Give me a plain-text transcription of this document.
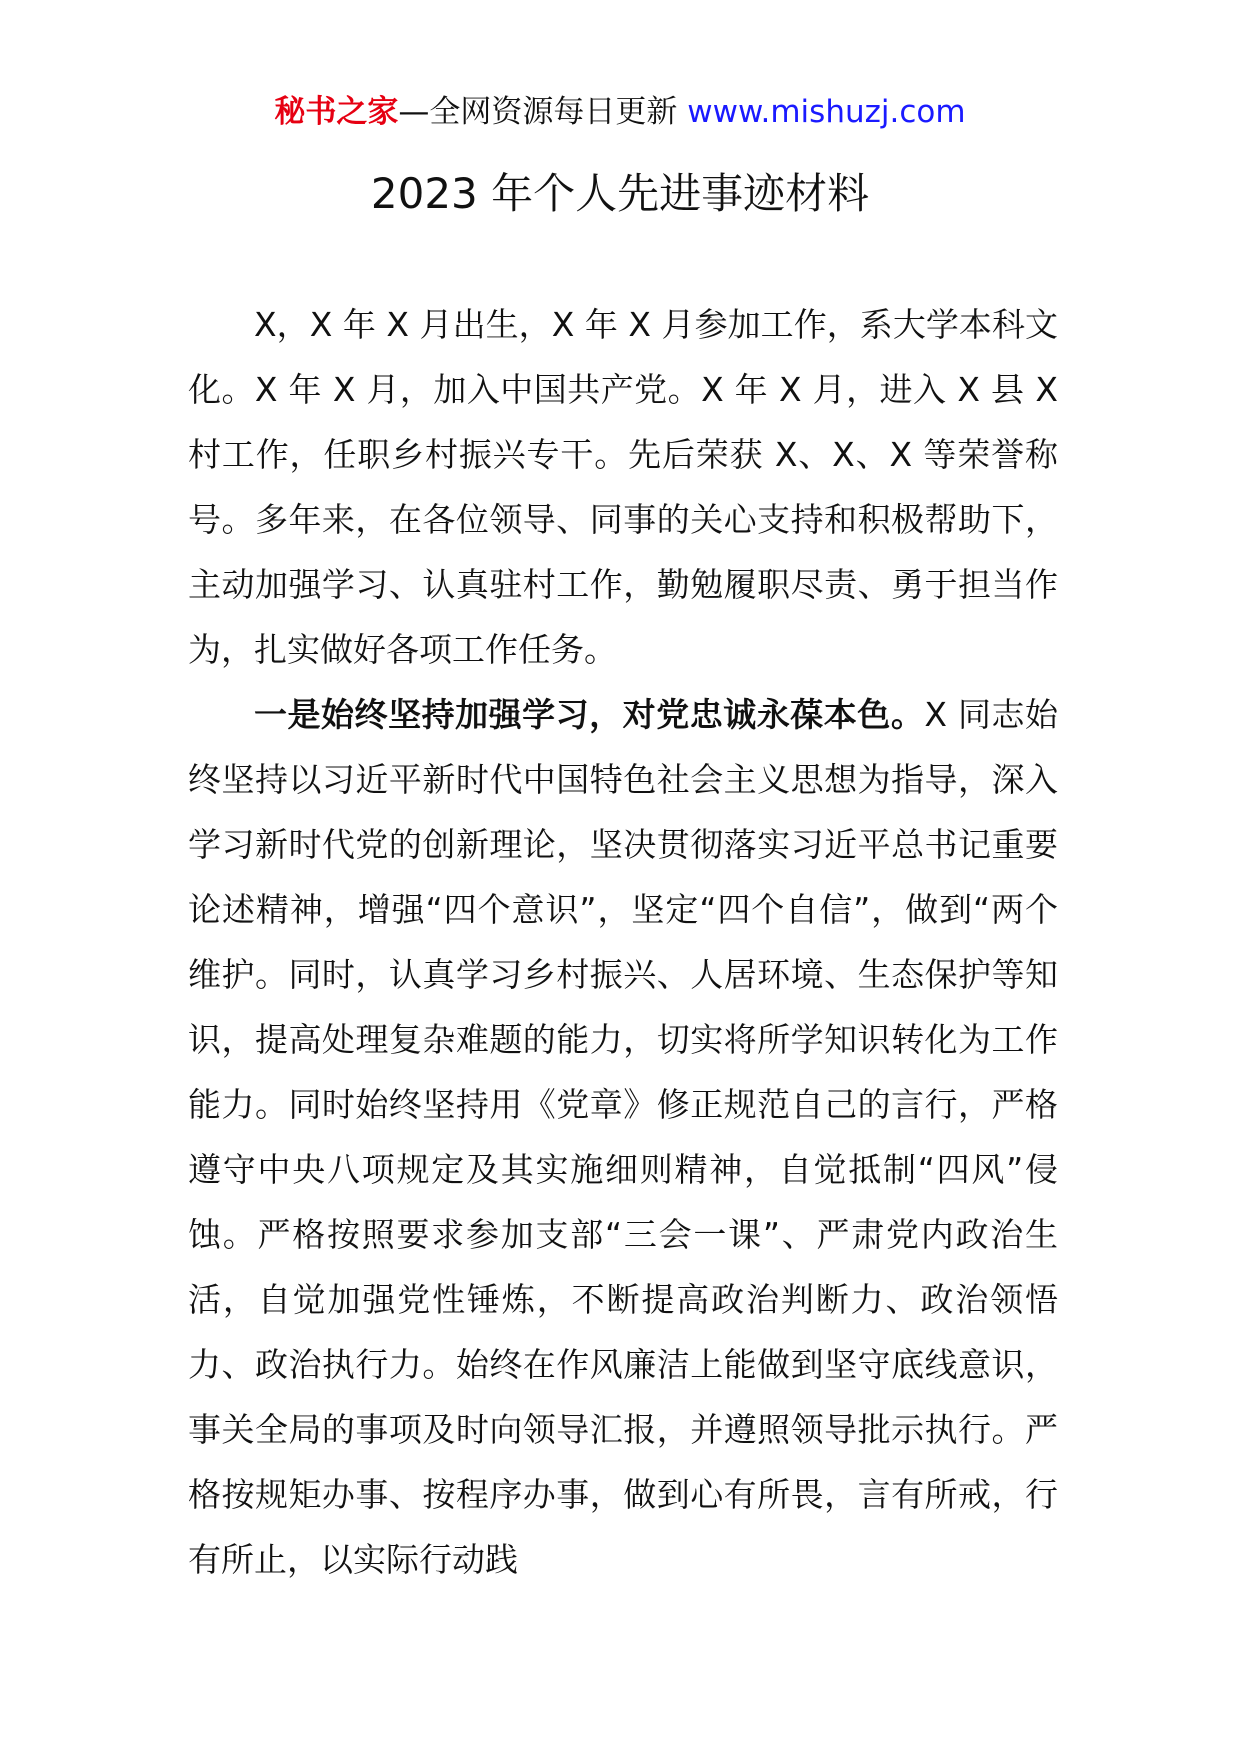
秘书之家—全网资源每日更新 www.mishuzj.com
2023 年个人先进事迹材料

X，X 年 X 月出生，X 年 X 月参加工作，系大学本科文化。X 年 X 月，加入中国共产党。X 年 X 月，进入 X 县 X 村工作，任职乡村振兴专干。先后荣获 X、X、X 等荣誉称号。多年来，在各位领导、同事的关心支持和积极帮助下，主动加强学习、认真驻村工作，勤勉履职尽责、勇于担当作为，扎实做好各项工作任务。

一是始终坚持加强学习，对党忠诚永葆本色。X 同志始终坚持以习近平新时代中国特色社会主义思想为指导，深入学习新时代党的创新理论，坚决贯彻落实习近平总书记重要论述精神，增强“四个意识”，坚定“四个自信”，做到“两个维护。同时，认真学习乡村振兴、人居环境、生态保护等知识，提高处理复杂难题的能力，切实将所学知识转化为工作能力。同时始终坚持用《党章》修正规范自己的言行，严格遵守中央八项规定及其实施细则精神，自觉抵制“四风”侵蚀。严格按照要求参加支部“三会一课”、严肃党内政治生活，自觉加强党性锤炼，不断提高政治判断力、政治领悟力、政治执行力。始终在作风廉洁上能做到坚守底线意识，事关全局的事项及时向领导汇报，并遵照领导批示执行。严格按规矩办事、按程序办事，做到心有所畏，言有所戒，行有所止，以实际行动践
